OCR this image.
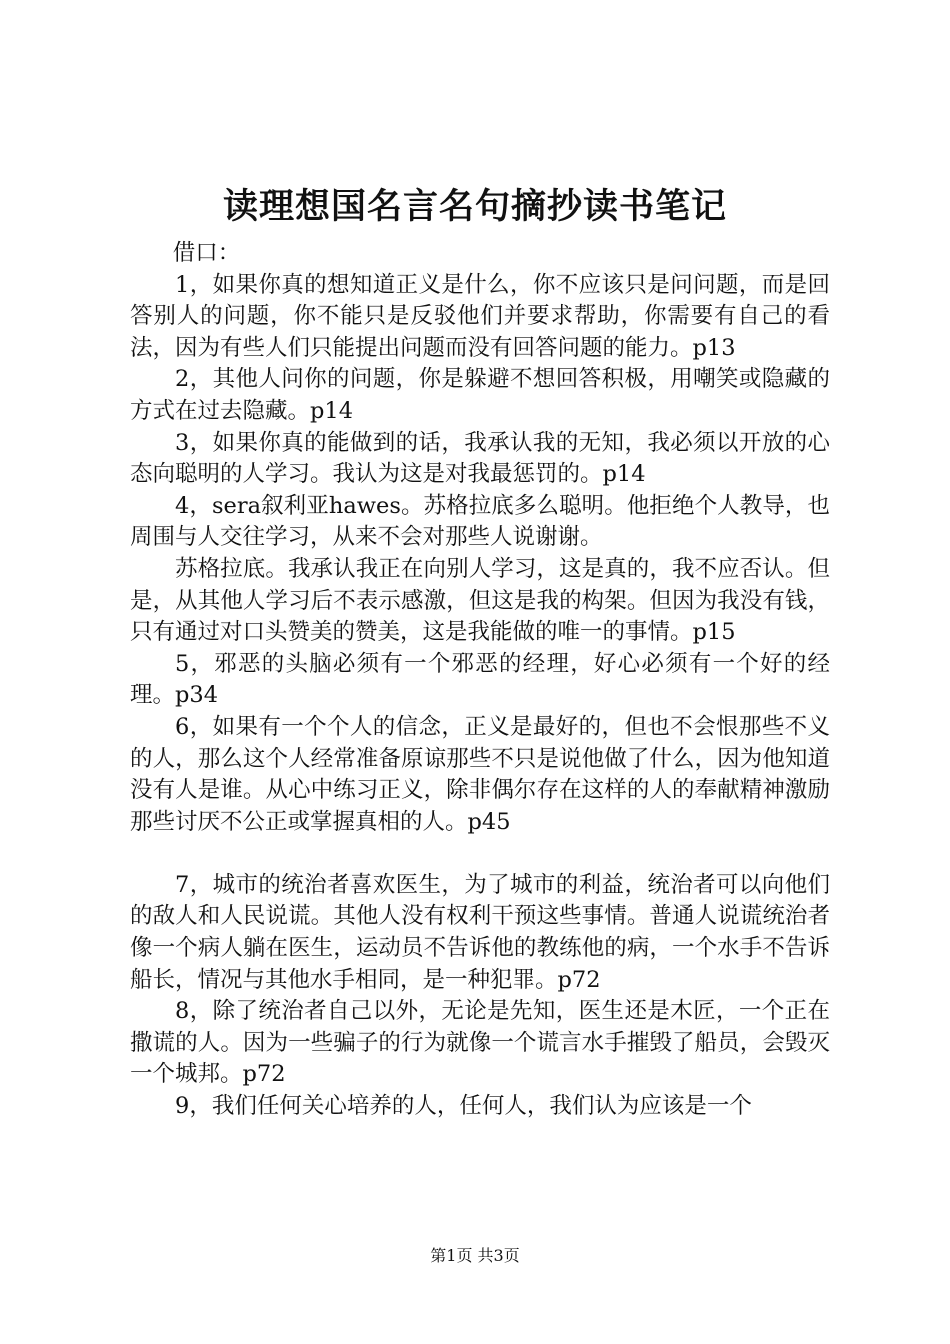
读理想国名言名句摘抄读书笔记

借口：

1，如果你真的想知道正义是什么，你不应该只是问问题，而是回答别人的问题，你不能只是反驳他们并要求帮助，你需要有自己的看法，因为有些人们只能提出问题而没有回答问题的能力。p13

2，其他人问你的问题，你是躲避不想回答积极，用嘲笑或隐藏的方式在过去隐藏。p14

3，如果你真的能做到的话，我承认我的无知，我必须以开放的心态向聪明的人学习。我认为这是对我最惩罚的。p14

4，sera叙利亚hawes。苏格拉底多么聪明。他拒绝个人教导，也周围与人交往学习，从来不会对那些人说谢谢。

苏格拉底。我承认我正在向别人学习，这是真的，我不应否认。但是，从其他人学习后不表示感激，但这是我的构架。但因为我没有钱，只有通过对口头赞美的赞美，这是我能做的唯一的事情。p15

5，邪恶的头脑必须有一个邪恶的经理，好心必须有一个好的经理。p34

6，如果有一个个人的信念，正义是最好的，但也不会恨那些不义的人，那么这个人经常准备原谅那些不只是说他做了什么，因为他知道没有人是谁。从心中练习正义，除非偶尔存在这样的人的奉献精神激励那些讨厌不公正或掌握真相的人。p45

7，城市的统治者喜欢医生，为了城市的利益，统治者可以向他们的敌人和人民说谎。其他人没有权利干预这些事情。普通人说谎统治者像一个病人躺在医生，运动员不告诉他的教练他的病，一个水手不告诉船长，情况与其他水手相同，是一种犯罪。p72

8，除了统治者自己以外，无论是先知，医生还是木匠，一个正在撒谎的人。因为一些骗子的行为就像一个谎言水手摧毁了船员，会毁灭一个城邦。p72

9，我们任何关心培养的人，任何人，我们认为应该是一个

第1页 共3页
